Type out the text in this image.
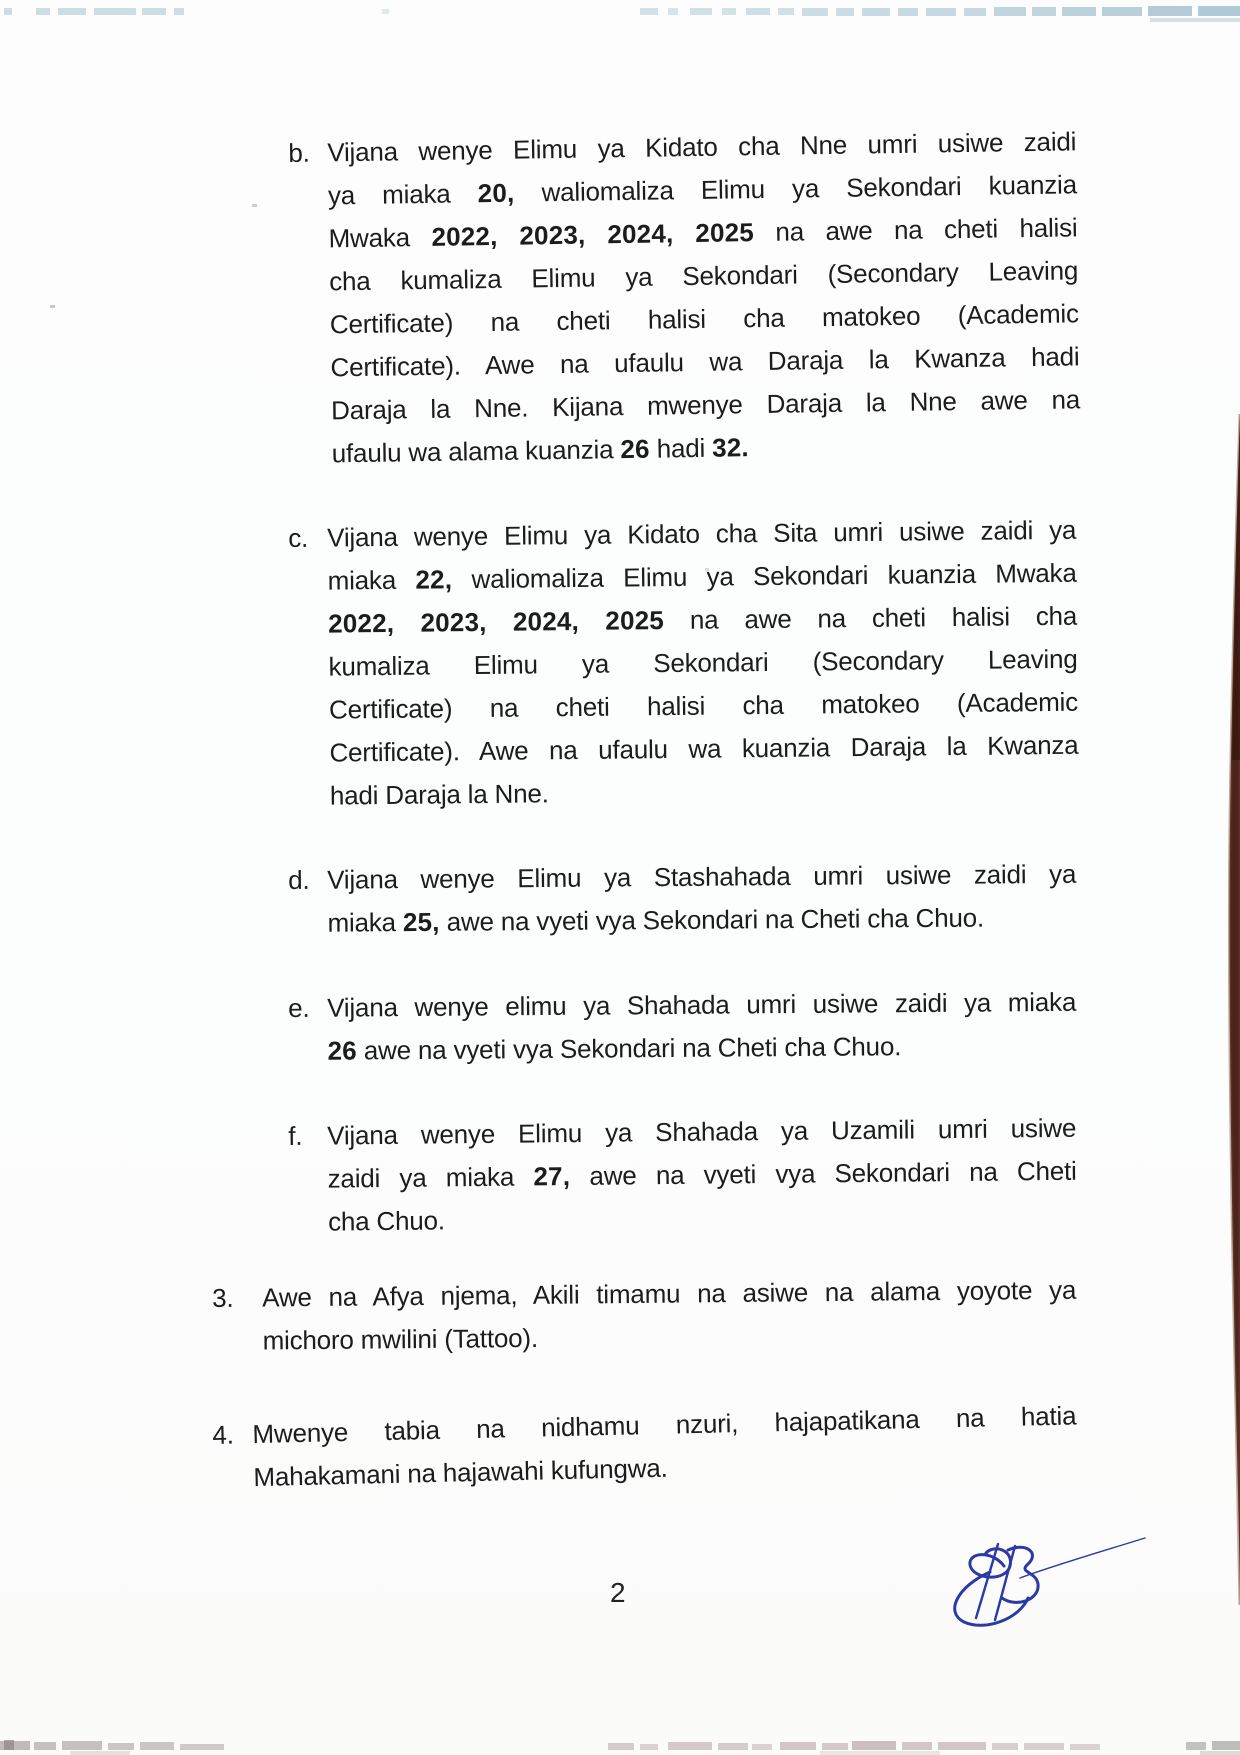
b. Vijana wenye Elimu ya Kidato cha Nne umri usiwe zaidi
ya miaka 20, waliomaliza Elimu ya Sekondari kuanzia
Mwaka 2022, 2023, 2024, 2025 na awe na cheti halisi
cha kumaliza Elimu ya Sekondari (Secondary Leaving
Certificate) na cheti halisi cha matokeo (Academic
Certificate). Awe na ufaulu wa Daraja la Kwanza hadi
Daraja la Nne. Kijana mwenye Daraja la Nne awe na
ufaulu wa alama kuanzia 26 hadi 32.
c. Vijana wenye Elimu ya Kidato cha Sita umri usiwe zaidi ya
miaka 22, waliomaliza Elimu ya Sekondari kuanzia Mwaka
2022, 2023, 2024, 2025 na awe na cheti halisi cha
kumaliza Elimu ya Sekondari (Secondary Leaving
Certificate) na cheti halisi cha matokeo (Academic
Certificate). Awe na ufaulu wa kuanzia Daraja la Kwanza
hadi Daraja la Nne.
d. Vijana wenye Elimu ya Stashahada umri usiwe zaidi ya
miaka 25, awe na vyeti vya Sekondari na Cheti cha Chuo.
e. Vijana wenye elimu ya Shahada umri usiwe zaidi ya miaka
26 awe na vyeti vya Sekondari na Cheti cha Chuo.
f. Vijana wenye Elimu ya Shahada ya Uzamili umri usiwe
zaidi ya miaka 27, awe na vyeti vya Sekondari na Cheti
cha Chuo.
3. Awe na Afya njema, Akili timamu na asiwe na alama yoyote ya
michoro mwilini (Tattoo).
4. Mwenye tabia na nidhamu nzuri, hajapatikana na hatia
Mahakamani na hajawahi kufungwa.
2
